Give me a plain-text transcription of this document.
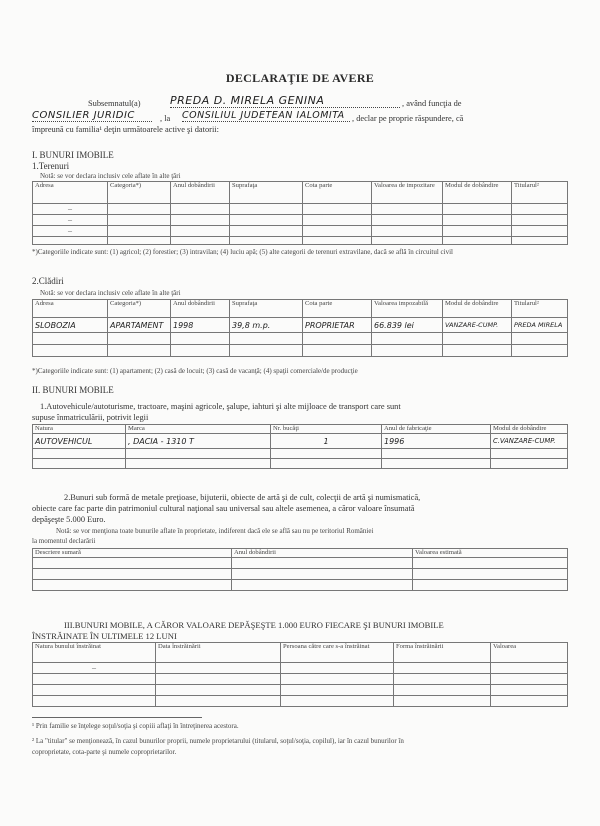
DECLARAŢIE DE AVERE
Subsemnatul(a)	PREDA D. MIRELA GENINA	, având funcţia de
CONSILIER JURIDIC	, la CONSILIUL JUDETEAN IALOMITA , declar pe proprie răspundere, că
împreună cu familia¹ deţin următoarele active şi datorii:
I. BUNURI IMOBILE
1.Terenuri
Notă: se vor declara inclusiv cele aflate în alte ţări
Adresa	Categoria*)	Anul dobândirii	Suprafaţa	Cota parte	Valoarea de impozitare	Modul de dobândire	Titularul²
–							
–							
–							

*)Categoriile indicate sunt: (1) agricol; (2) forestier; (3) intravilan; (4) luciu apă; (5) alte categorii de terenuri extravilane, dacă se află în circuitul civil
2.Clădiri
Notă: se vor declara inclusiv cele aflate în alte ţări
Adresa	Categoria*)	Anul dobândirii	Suprafaţa	Cota parte	Valoarea impozabilă	Modul de dobândire	Titularul²
SLOBOZIA	APARTAMENT	1998	39,8 m.p.	PROPRIETAR	66.839 lei	VANZARE-CUMP.	PREDA MIRELA

*)Categoriile indicate sunt: (1) apartament; (2) casă de locuit; (3) casă de vacanţă; (4) spaţii comerciale/de producţie
II. BUNURI MOBILE
1.Autovehicule/autoturisme, tractoare, maşini agricole, şalupe, iahturi şi alte mijloace de transport care sunt
supuse înmatriculării, potrivit legii
Natura	Marca	Nr. bucăţi	Anul de fabricaţie	Modul de dobândire
AUTOVEHICUL	, DACIA - 1310 T	1	1996	C.VANZARE-CUMP.

2.Bunuri sub formă de metale preţioase, bijuterii, obiecte de artă şi de cult, colecţii de artă şi numismatică,
obiecte care fac parte din patrimoniul cultural naţional sau universal sau altele asemenea, a căror valoare însumată
depăşeşte 5.000 Euro.
Notă: se vor menţiona toate bunurile aflate în proprietate, indiferent dacă ele se află sau nu pe teritoriul României
la momentul declarării
Descriere sumară	Anul dobândirii	Valoarea estimată

III.BUNURI MOBILE, A CĂROR VALOARE DEPĂŞEŞTE 1.000 EURO FIECARE ŞI BUNURI IMOBILE
ÎNSTRĂINATE ÎN ULTIMELE 12 LUNI
Natura bunului înstrăinat	Data înstrăinării	Persoana către care s-a înstrăinat	Forma înstrăinării	Valoarea
–				

¹ Prin familie se înţelege soţul/soţia şi copiii aflaţi în întreţinerea acestora.
² La "titular" se menţionează, în cazul bunurilor proprii, numele proprietarului (titularul, soţul/soţia, copilul), iar în cazul bunurilor în
coproprietate, cota-parte şi numele coproprietarilor.
